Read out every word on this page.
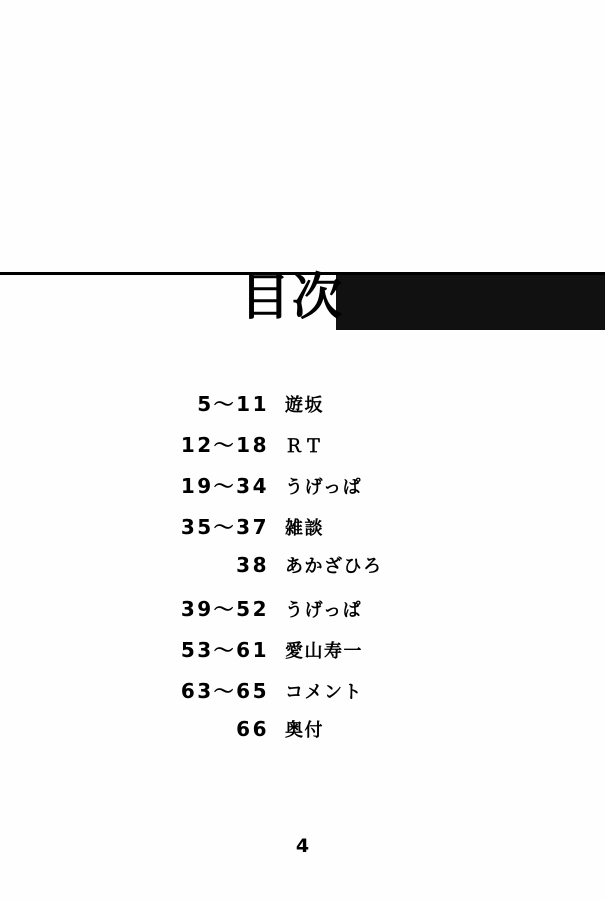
目次
5～11 遊坂
12～18 ＲＴ
19～34 うげっぱ
35～37 雑談
38 あかざひろ
39～52 うげっぱ
53～61 愛山寿一
63～65 コメント
66 奥付
4
